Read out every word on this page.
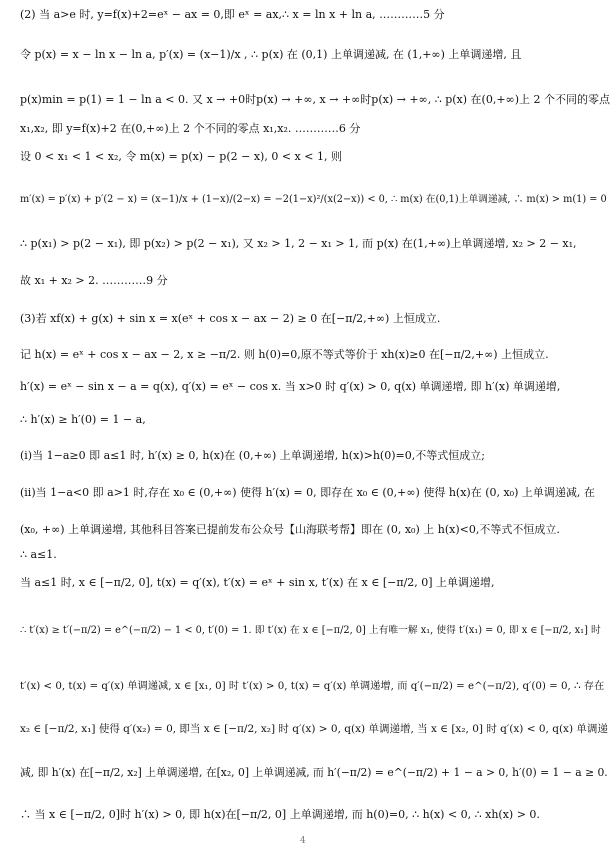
(2) 当 a>e 时, y=f(x)+2=eˣ − ax = 0,即 eˣ = ax,∴ x = ln x + ln a, …………5 分
令 p(x) = x − ln x − ln a, p′(x) = (x−1)/x , ∴ p(x) 在 (0,1) 上单调递减, 在 (1,+∞) 上单调递增, 且
p(x)min = p(1) = 1 − ln a < 0. 又 x → +0时p(x) → +∞, x → +∞时p(x) → +∞, ∴ p(x) 在(0,+∞)上 2 个不同的零点
x₁,x₂, 即 y=f(x)+2 在(0,+∞)上 2 个不同的零点 x₁,x₂. …………6 分
设 0 < x₁ < 1 < x₂, 令 m(x) = p(x) − p(2 − x), 0 < x < 1, 则
m′(x) = p′(x) + p′(2 − x) = (x−1)/x + (1−x)/(2−x) = −2(1−x)²/(x(2−x)) < 0, ∴ m(x) 在(0,1)上单调递减, ∴ m(x) > m(1) = 0
∴ p(x₁) > p(2 − x₁), 即 p(x₂) > p(2 − x₁), 又 x₂ > 1, 2 − x₁ > 1, 而 p(x) 在(1,+∞)上单调递增, x₂ > 2 − x₁,
故 x₁ + x₂ > 2. …………9 分
(3)若 xf(x) + g(x) + sin x = x(eˣ + cos x − ax − 2) ≥ 0 在[−π/2,+∞) 上恒成立.
记 h(x) = eˣ + cos x − ax − 2, x ≥ −π/2. 则 h(0)=0,原不等式等价于 xh(x)≥0 在[−π/2,+∞) 上恒成立.
h′(x) = eˣ − sin x − a = q(x), q′(x) = eˣ − cos x. 当 x>0 时 q′(x) > 0, q(x) 单调递增, 即 h′(x) 单调递增,
∴ h′(x) ≥ h′(0) = 1 − a,
(i)当 1−a≥0 即 a≤1 时, h′(x) ≥ 0, h(x)在 (0,+∞) 上单调递增, h(x)>h(0)=0,不等式恒成立;
(ii)当 1−a<0 即 a>1 时,存在 x₀ ∈ (0,+∞) 使得 h′(x) = 0, 即存在 x₀ ∈ (0,+∞) 使得 h(x)在 (0, x₀) 上单调递减, 在
(x₀, +∞) 上单调递增, 其他科目答案已提前发布公众号【山海联考帮】即在 (0, x₀) 上 h(x)<0,不等式不恒成立.
∴ a≤1.
当 a≤1 时, x ∈ [−π/2, 0], t(x) = q′(x), t′(x) = eˣ + sin x, t′(x) 在 x ∈ [−π/2, 0] 上单调递增,
∴ t′(x) ≥ t′(−π/2) = e^(−π/2) − 1 < 0, t′(0) = 1. 即 t′(x) 在 x ∈ [−π/2, 0] 上有唯一解 x₁, 使得 t′(x₁) = 0, 即 x ∈ [−π/2, x₁] 时
t′(x) < 0, t(x) = q′(x) 单调递减, x ∈ [x₁, 0] 时 t′(x) > 0, t(x) = q′(x) 单调递增, 而 q′(−π/2) = e^(−π/2), q′(0) = 0, ∴ 存在
x₂ ∈ [−π/2, x₁] 使得 q′(x₂) = 0, 即当 x ∈ [−π/2, x₂] 时 q′(x) > 0, q(x) 单调递增, 当 x ∈ [x₂, 0] 时 q′(x) < 0, q(x) 单调递
减, 即 h′(x) 在[−π/2, x₂] 上单调递增, 在[x₂, 0] 上单调递减, 而 h′(−π/2) = e^(−π/2) + 1 − a > 0, h′(0) = 1 − a ≥ 0.
∴ 当 x ∈ [−π/2, 0]时 h′(x) > 0, 即 h(x)在[−π/2, 0] 上单调递增, 而 h(0)=0, ∴ h(x) < 0, ∴ xh(x) > 0.
4
